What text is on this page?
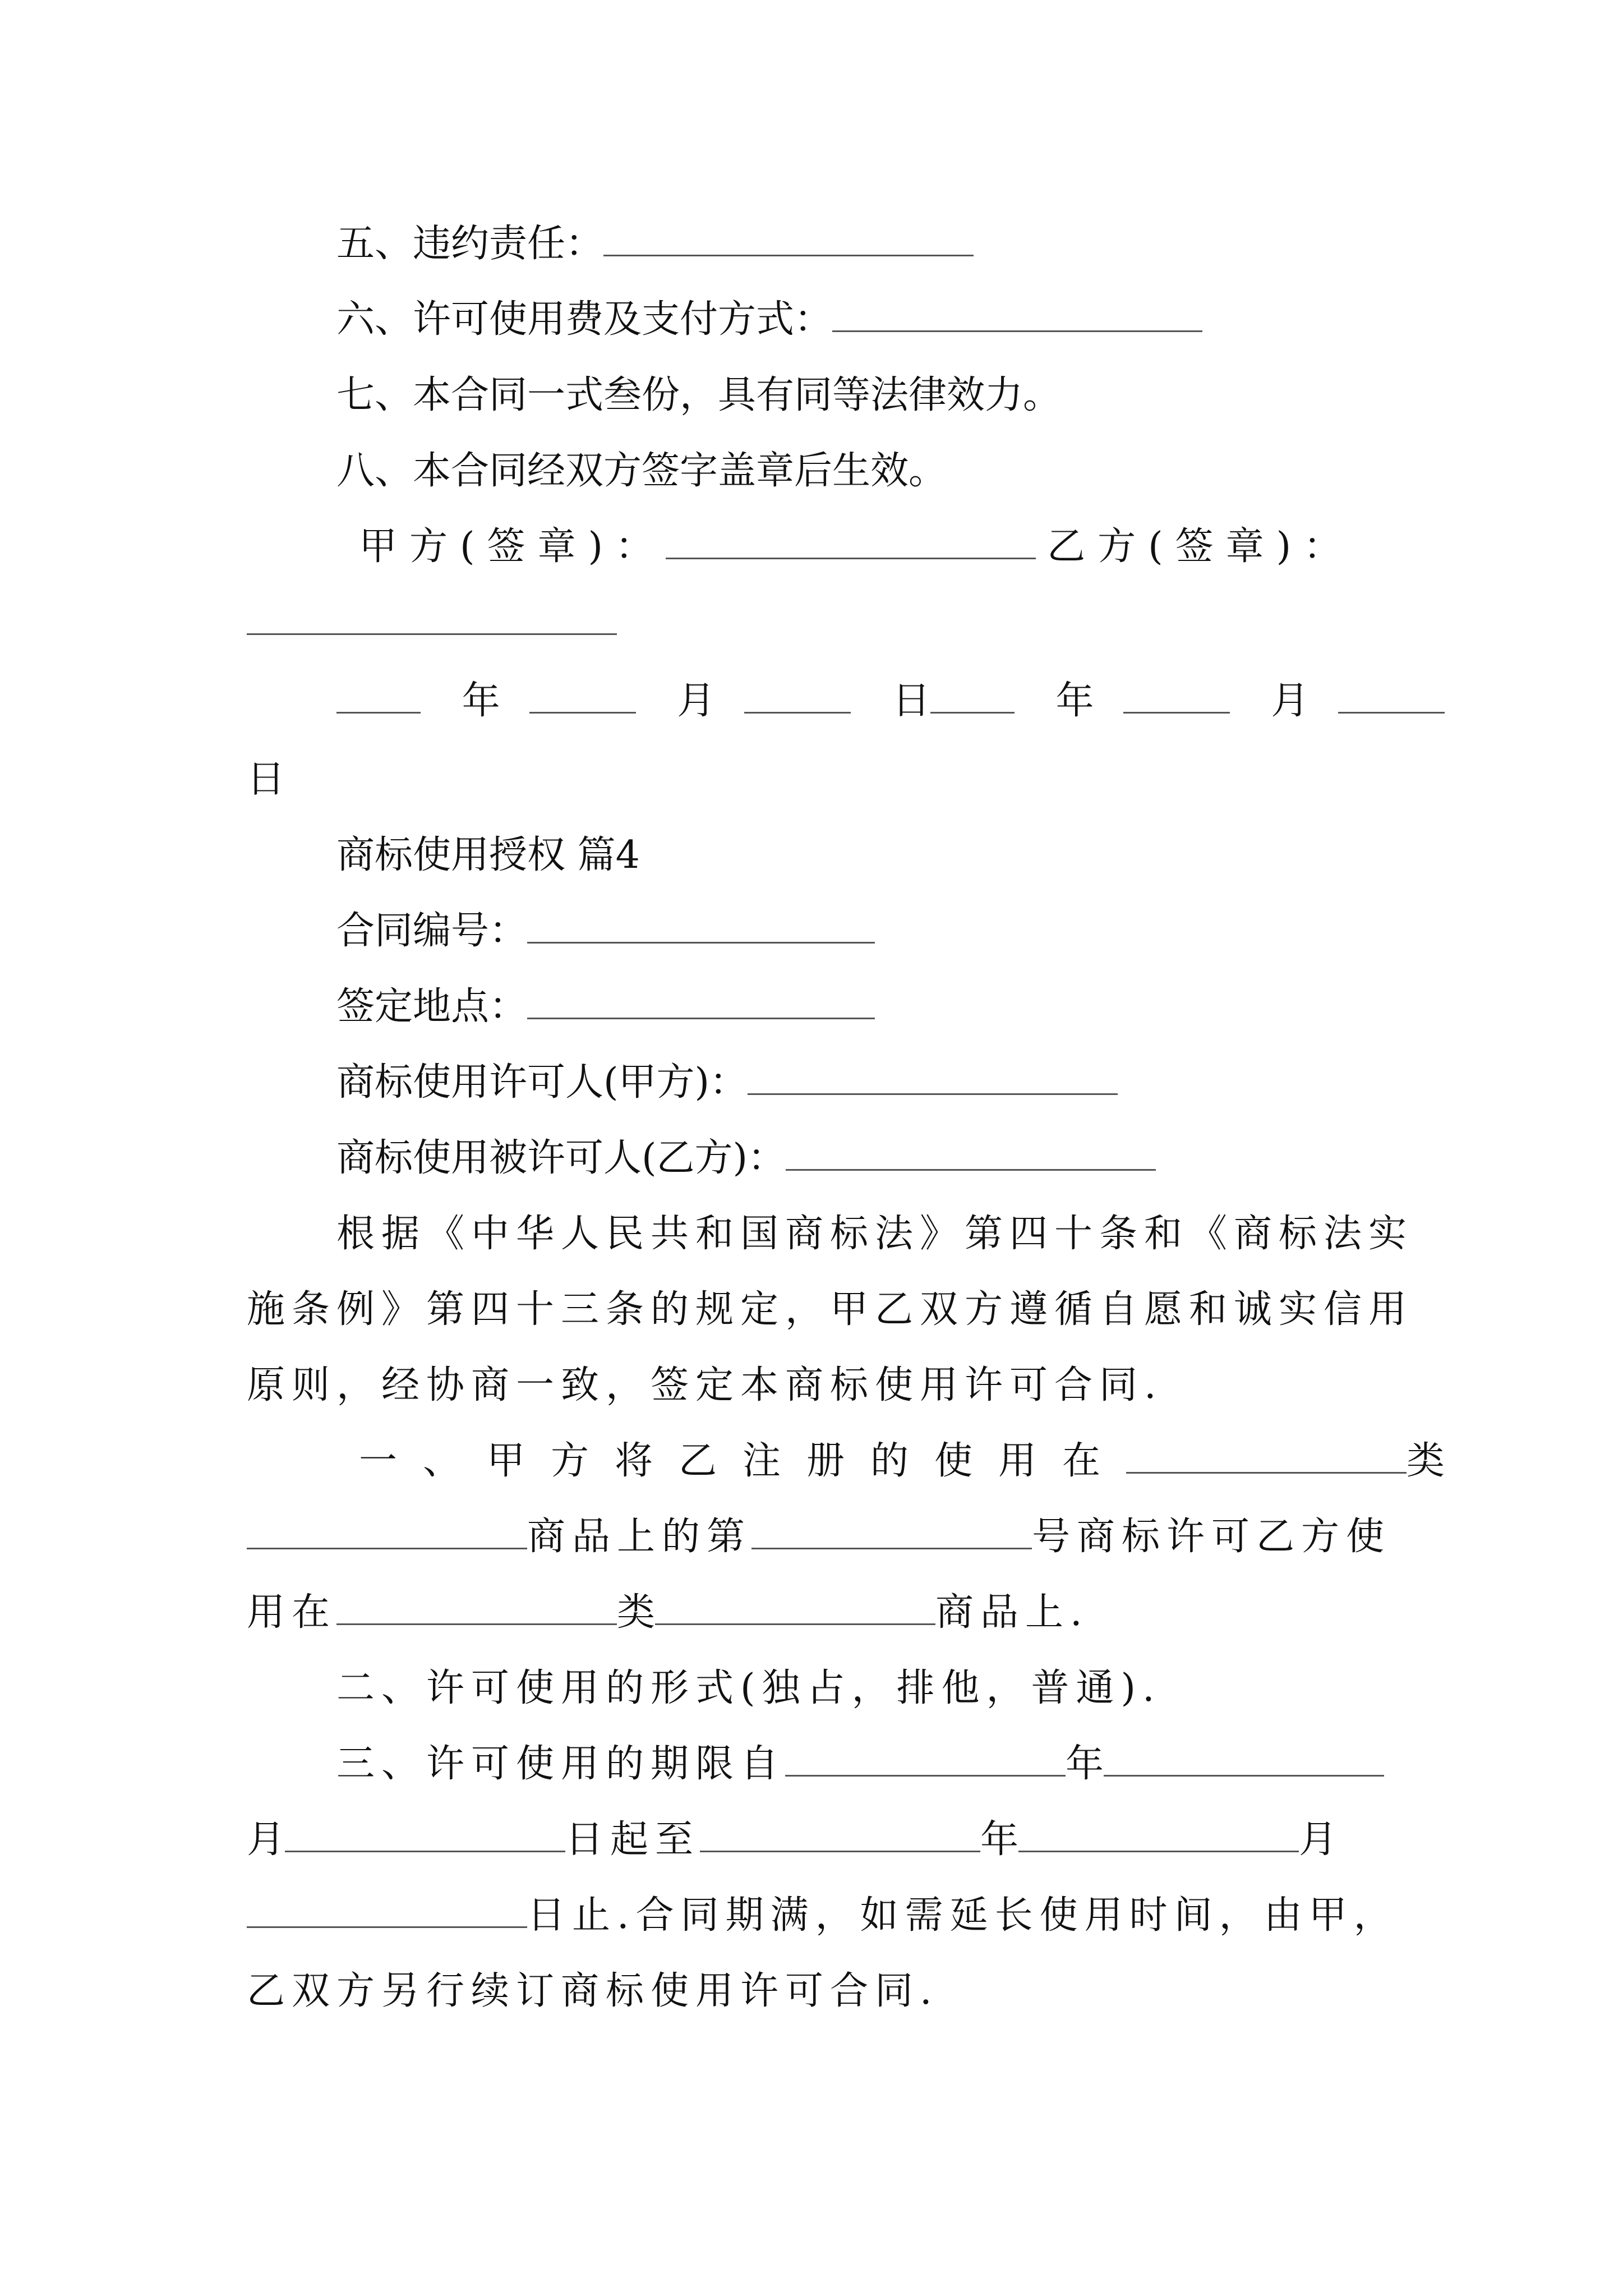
五、违约责任：
六、许可使用费及支付方式：
七、本合同一式叁份，具有同等法律效力。
八、本合同经双方签字盖章后生效。
甲方(签章)：	乙方(签章)：
年	月	日	年	月
日
商标使用授权 篇4
合同编号：
签定地点：
商标使用许可人(甲方)：
商标使用被许可人(乙方)：
根据《中华人民共和国商标法》第四十条和《商标法实
施条例》第四十三条的规定，甲乙双方遵循自愿和诚实信用
原则，经协商一致，签定本商标使用许可合同.
一、甲方将乙注册的使用在	类
商品上的第	号商标许可乙方使
用在	类	商品上.
二、许可使用的形式(独占，排他，普通).
三、许可使用的期限自	年
月	日起至	年	月
日止.合同期满，如需延长使用时间，由甲，
乙双方另行续订商标使用许可合同.
